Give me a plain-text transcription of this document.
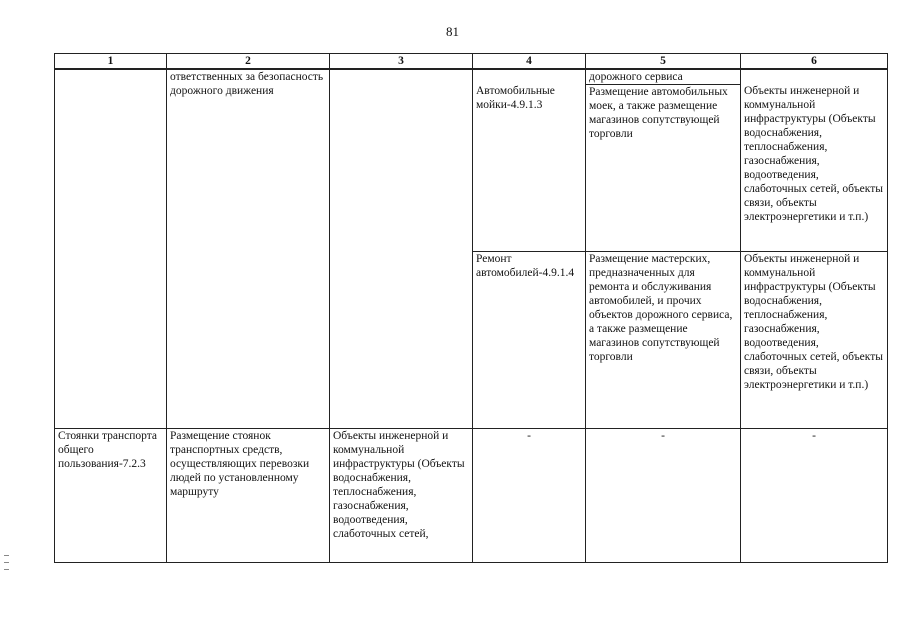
81
1	2	3	4	5	6

	ответственных за безопасность дорожного движения		Автомобильные мойки-4.9.1.3	дорожного сервиса
Размещение автомобильных моек, а также размещение магазинов сопутствующей торговли	Объекты инженерной и коммунальной инфраструктуры (Объекты водоснабжения, теплоснабжения, газоснабжения, водоотведения, слаботочных сетей, объекты связи, объекты электроэнергетики и т.п.)

			Ремонт автомобилей-4.9.1.4	Размещение мастерских, предназначенных для ремонта и обслуживания автомобилей, и прочих объектов дорожного сервиса, а также размещение магазинов сопутствующей торговли	Объекты инженерной и коммунальной инфраструктуры (Объекты водоснабжения, теплоснабжения, газоснабжения, водоотведения, слаботочных сетей, объекты связи, объекты электроэнергетики и т.п.)

Стоянки транспорта общего пользования-7.2.3	Размещение стоянок транспортных средств, осуществляющих перевозки людей по установленному маршруту	Объекты инженерной и коммунальной инфраструктуры (Объекты водоснабжения, теплоснабжения, газоснабжения, водоотведения, слаботочных сетей,	-	-	-
